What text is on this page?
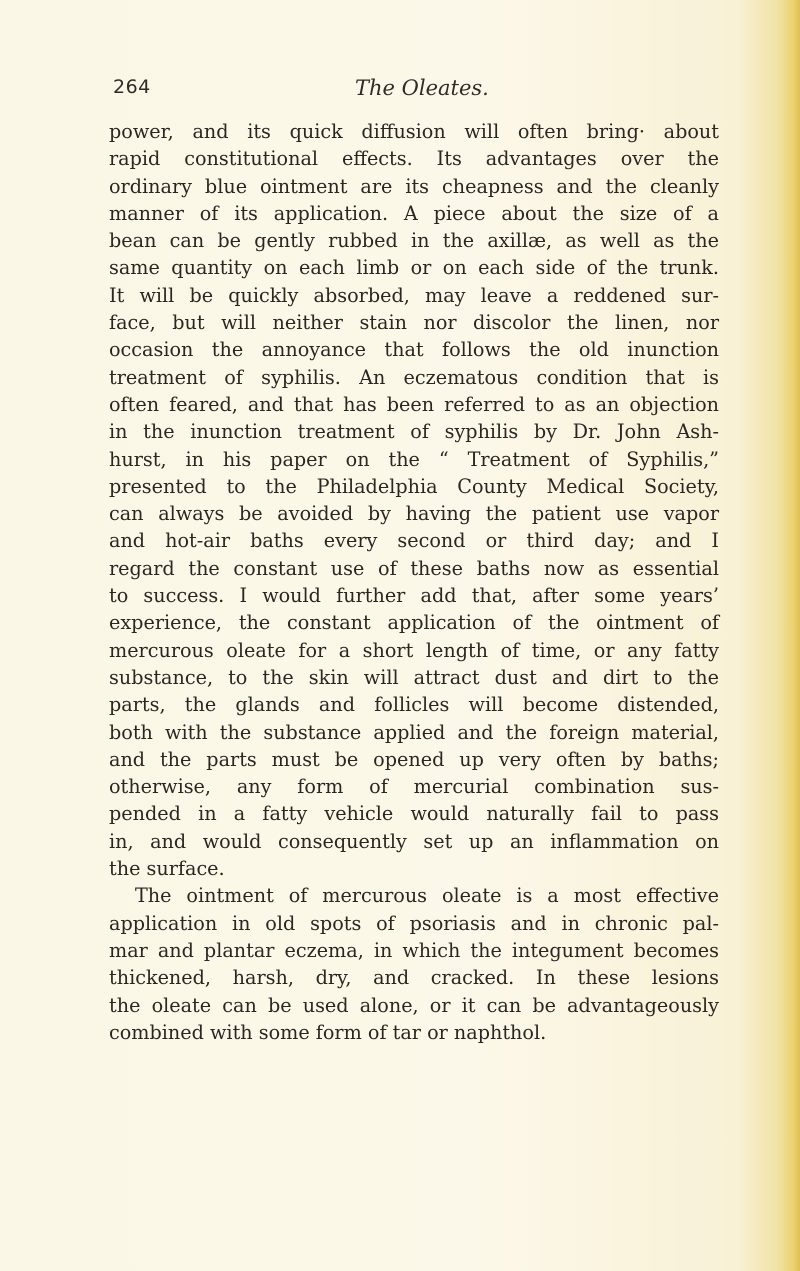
264	The Oleates.
power, and its quick diffusion will often bring· about
rapid constitutional effects. Its advantages over the
ordinary blue ointment are its cheapness and the cleanly
manner of its application. A piece about the size of a
bean can be gently rubbed in the axillæ, as well as the
same quantity on each limb or on each side of the trunk.
It will be quickly absorbed, may leave a reddened sur-
face, but will neither stain nor discolor the linen, nor
occasion the annoyance that follows the old inunction
treatment of syphilis. An eczematous condition that is
often feared, and that has been referred to as an objection
in the inunction treatment of syphilis by Dr. John Ash-
hurst, in his paper on the “ Treatment of Syphilis,”
presented to the Philadelphia County Medical Society,
can always be avoided by having the patient use vapor
and hot-air baths every second or third day; and I
regard the constant use of these baths now as essential
to success. I would further add that, after some years’
experience, the constant application of the ointment of
mercurous oleate for a short length of time, or any fatty
substance, to the skin will attract dust and dirt to the
parts, the glands and follicles will become distended,
both with the substance applied and the foreign material,
and the parts must be opened up very often by baths;
otherwise, any form of mercurial combination sus-
pended in a fatty vehicle would naturally fail to pass
in, and would consequently set up an inflammation on
the surface.
The ointment of mercurous oleate is a most effective
application in old spots of psoriasis and in chronic pal-
mar and plantar eczema, in which the integument becomes
thickened, harsh, dry, and cracked. In these lesions
the oleate can be used alone, or it can be advantageously
combined with some form of tar or naphthol.
